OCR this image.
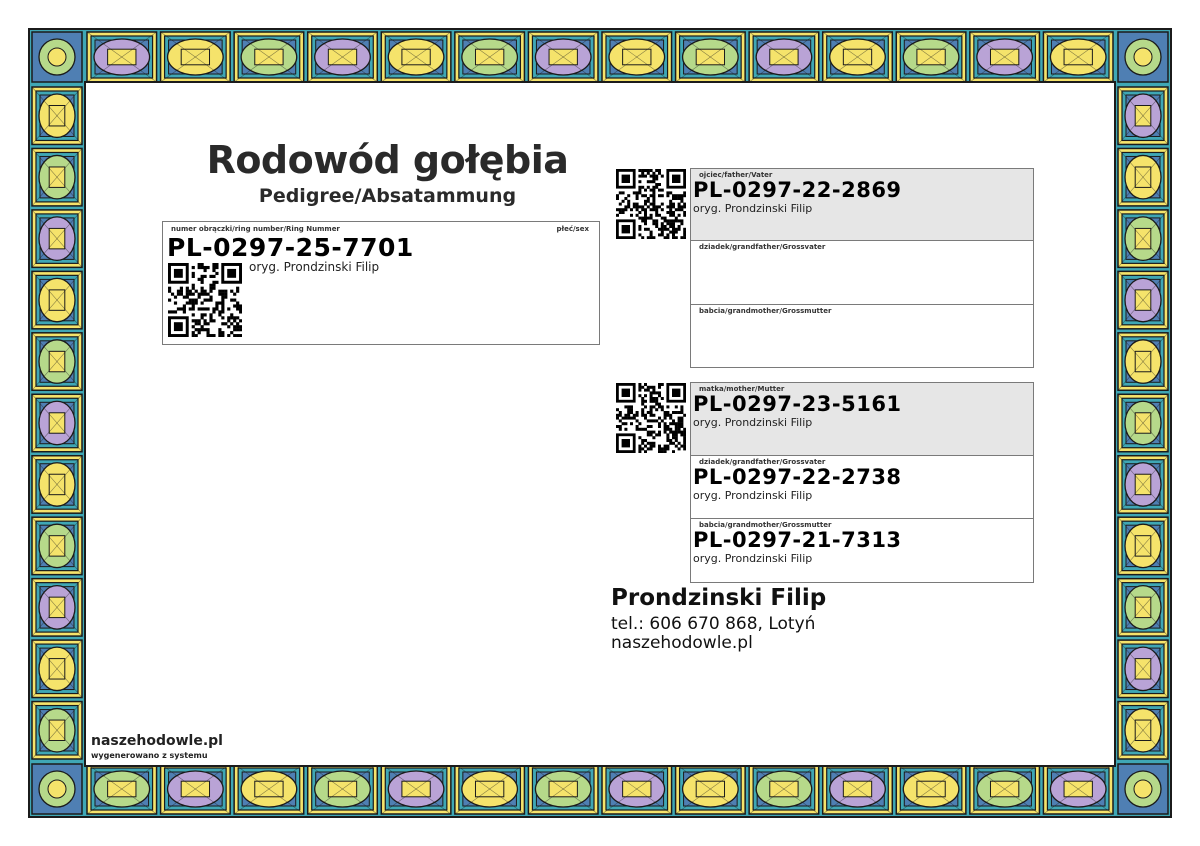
Rodowód gołębia
Pedigree/Absatammung
numer obrączki/ring number/Ring Nummer	płeć/sex
PL-0297-25-7701
oryg. Prondzinski Filip
ojciec/father/Vater
PL-0297-22-2869
oryg. Prondzinski Filip
dziadek/grandfather/Grossvater
babcia/grandmother/Grossmutter
matka/mother/Mutter
PL-0297-23-5161
oryg. Prondzinski Filip
dziadek/grandfather/Grossvater
PL-0297-22-2738
oryg. Prondzinski Filip
babcia/grandmother/Grossmutter
PL-0297-21-7313
oryg. Prondzinski Filip
Prondzinski Filip
tel.: 606 670 868, Lotyń
naszehodowle.pl
naszehodowle.pl
wygenerowano z systemu
